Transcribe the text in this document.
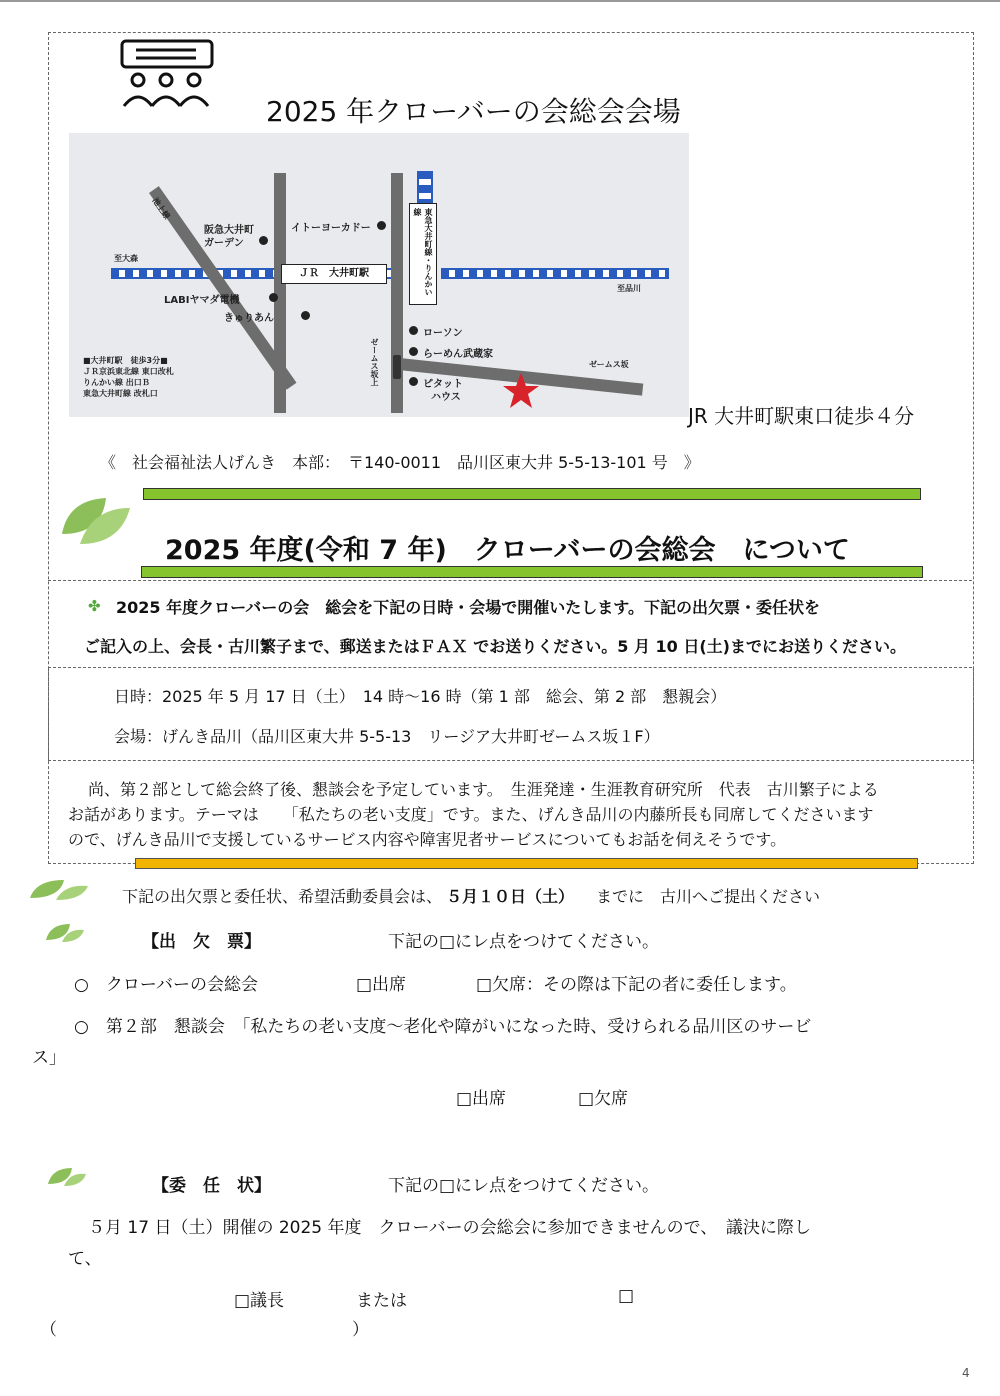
2025 年クローバーの会総会会場
東急大井町線・りんかい線
ＪＲ　大井町駅
至大森
至品川
阪急大井町
ガーデン
イトーヨーカドー
LABIヤマダ電機
きゅりあん
ローソン
らーめん武蔵家
ゼームス坂
ゼームス坂上	ピタット
ハウス
池上線
■大井町駅　徒歩3分■
ＪＲ京浜東北線 東口改札
りんかい線 出口Ｂ
東急大井町線 改札口
JR 大井町駅東口徒歩４分
《　社会福祉法人げんき　本部：　〒140-0011　品川区東大井 5-5-13-101 号　》
2025 年度(令和 7 年)　クローバーの会総会　について
✤ 2025 年度クローバーの会　総会を下記の日時・会場で開催いたします。下記の出欠票・委任状を
ご記入の上、会長・古川繁子まで、郵送またはＦＡＸ でお送りください。5 月 10 日(土)までにお送りください。
日時：2025 年 5 月 17 日（土）　14 時〜16 時（第 1 部　総会、第 2 部　懇親会）
会場：げんき品川（品川区東大井 5-5-13　リージア大井町ゼームス坂１F）
尚、第２部として総会終了後、懇談会を予定しています。　生涯発達・生涯教育研究所　代表　古川繁子による
お話があります。テーマは　　「私たちの老い支度」です。また、げんき品川の内藤所長も同席してくださいます
ので、げんき品川で支援しているサービス内容や障害児者サービスについてもお話を伺えそうです。
下記の出欠票と委任状、希望活動委員会は、 ５月１０日（土） までに　古川へご提出ください
【出　欠　票】	下記の□にレ点をつけてください。
○　クローバーの会総会	□出席	□欠席：その際は下記の者に委任します。
○　第２部　懇談会　「私たちの老い支度〜老化や障がいになった時、受けられる品川区のサービ
ス」
□出席	□欠席
【委　任　状】	下記の□にレ点をつけてください。
５月 17 日（土）開催の 2025 年度　クローバーの会総会に参加できませんので、　議決に際し
て、
□議長	または	□
（	）
4
